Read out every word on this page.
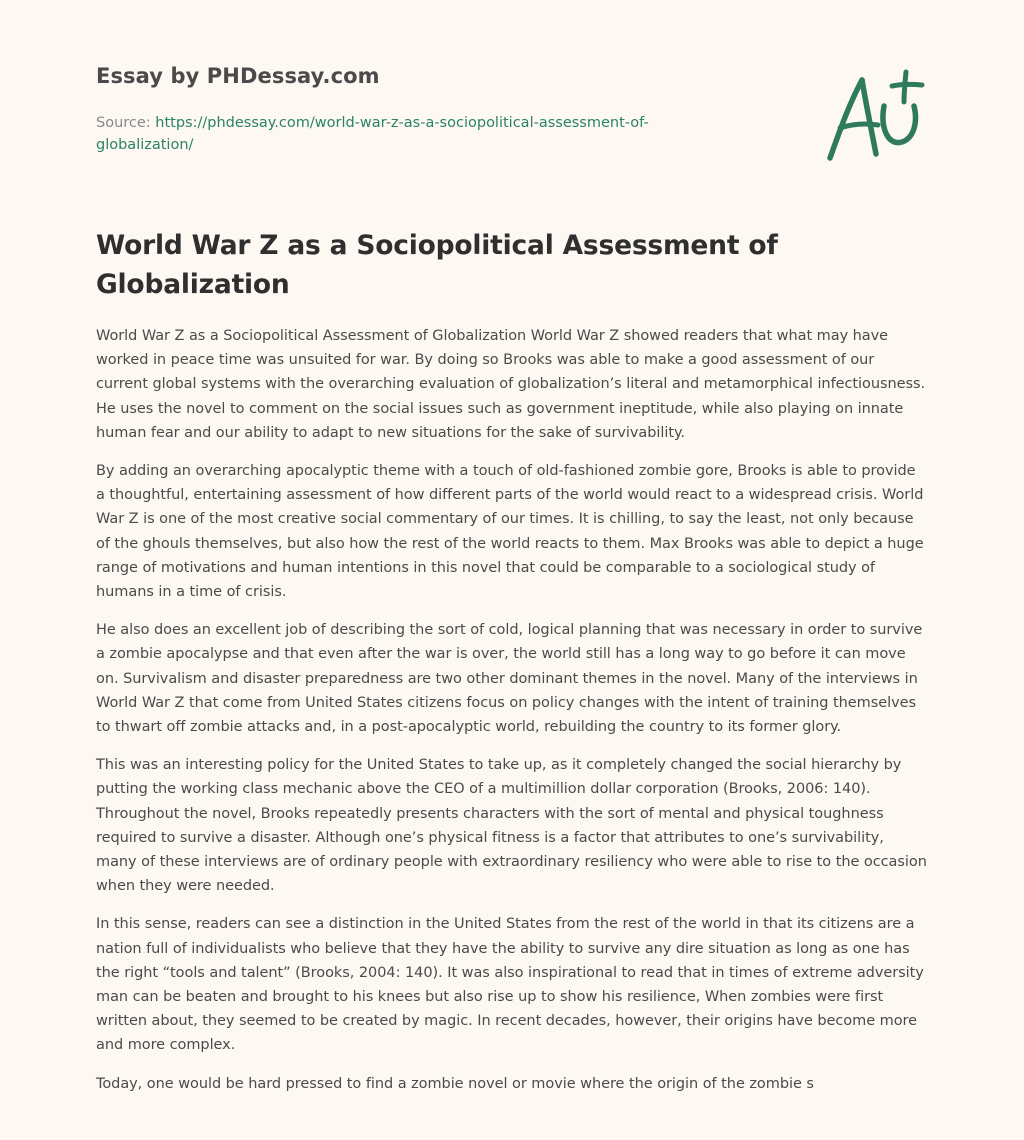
Essay by PHDessay.com
Source: https://phdessay.com/world-war-z-as-a-sociopolitical-assessment-of-globalization/
World War Z as a Sociopolitical Assessment of Globalization

World War Z as a Sociopolitical Assessment of Globalization World War Z showed readers that what may have worked in peace time was unsuited for war. By doing so Brooks was able to make a good assessment of our current global systems with the overarching evaluation of globalization’s literal and metamorphical infectiousness. He uses the novel to comment on the social issues such as government ineptitude, while also playing on innate human fear and our ability to adapt to new situations for the sake of survivability.

By adding an overarching apocalyptic theme with a touch of old-fashioned zombie gore, Brooks is able to provide a thoughtful, entertaining assessment of how different parts of the world would react to a widespread crisis. World War Z is one of the most creative social commentary of our times. It is chilling, to say the least, not only because of the ghouls themselves, but also how the rest of the world reacts to them. Max Brooks was able to depict a huge range of motivations and human intentions in this novel that could be comparable to a sociological study of humans in a time of crisis.

He also does an excellent job of describing the sort of cold, logical planning that was necessary in order to survive a zombie apocalypse and that even after the war is over, the world still has a long way to go before it can move on. Survivalism and disaster preparedness are two other dominant themes in the novel. Many of the interviews in World War Z that come from United States citizens focus on policy changes with the intent of training themselves to thwart off zombie attacks and, in a post-apocalyptic world, rebuilding the country to its former glory.

This was an interesting policy for the United States to take up, as it completely changed the social hierarchy by putting the working class mechanic above the CEO of a multimillion dollar corporation (Brooks, 2006: 140). Throughout the novel, Brooks repeatedly presents characters with the sort of mental and physical toughness required to survive a disaster. Although one’s physical fitness is a factor that attributes to one’s survivability, many of these interviews are of ordinary people with extraordinary resiliency who were able to rise to the occasion when they were needed.

In this sense, readers can see a distinction in the United States from the rest of the world in that its citizens are a nation full of individualists who believe that they have the ability to survive any dire situation as long as one has the right “tools and talent” (Brooks, 2004: 140). It was also inspirational to read that in times of extreme adversity man can be beaten and brought to his knees but also rise up to show his resilience, When zombies were first written about, they seemed to be created by magic. In recent decades, however, their origins have become more and more complex.

Today, one would be hard pressed to find a zombie novel or movie where the origin of the zombie s
